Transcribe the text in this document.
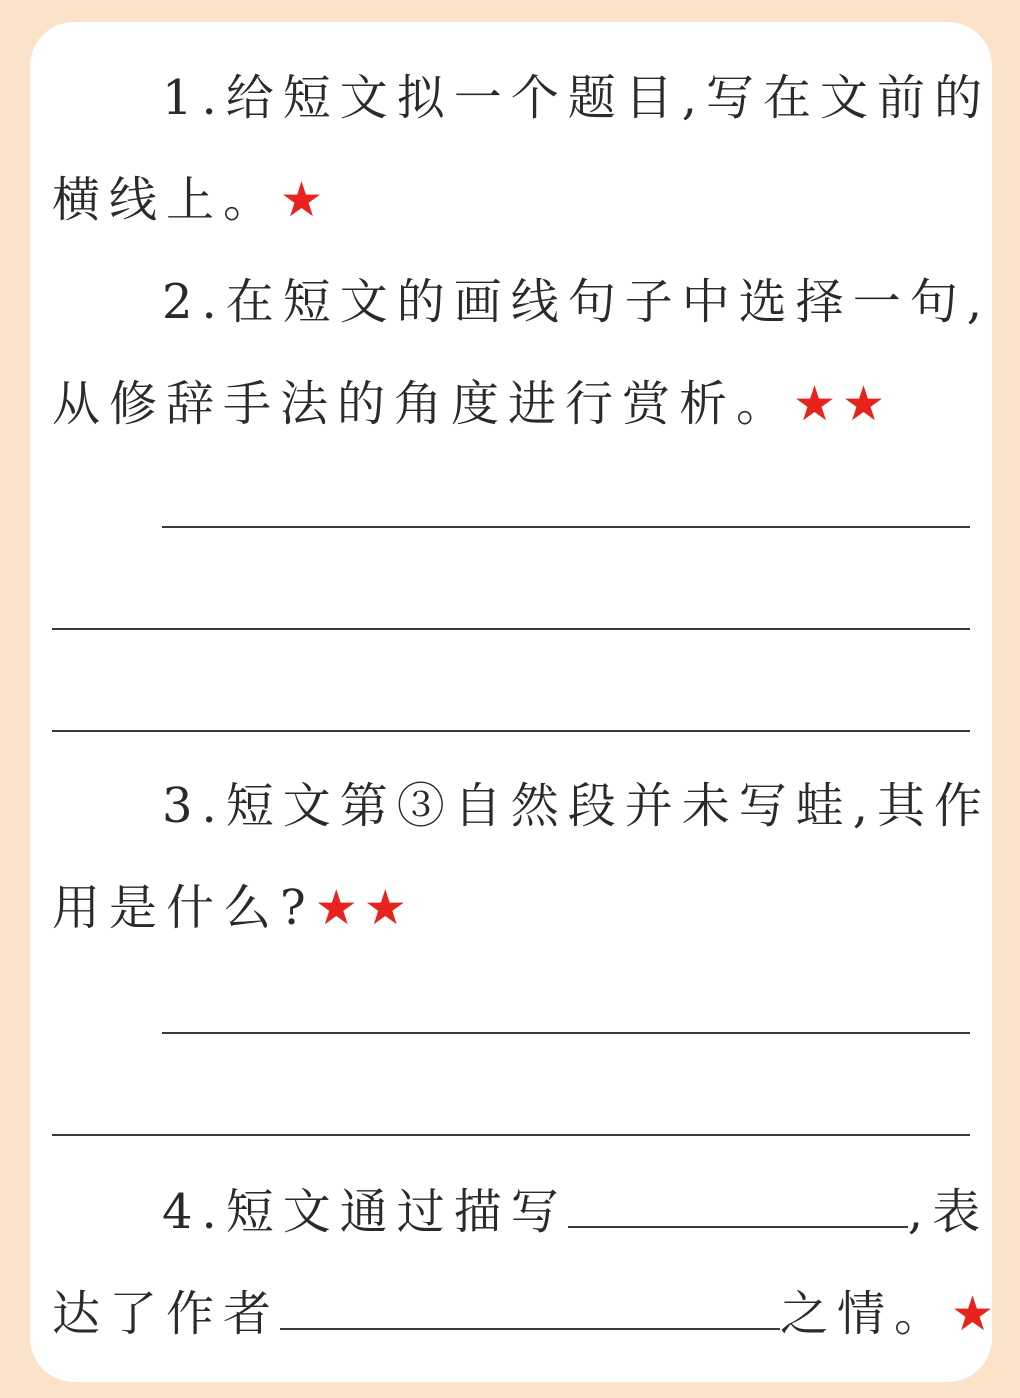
1.给短文拟一个题目,写在文前的
横线上。★
2.在短文的画线句子中选择一句,
从修辞手法的角度进行赏析。★★
3.短文第③自然段并未写蛙,其作
用是什么?★★
4.短文通过描写	,表
达了作者	之情。★
